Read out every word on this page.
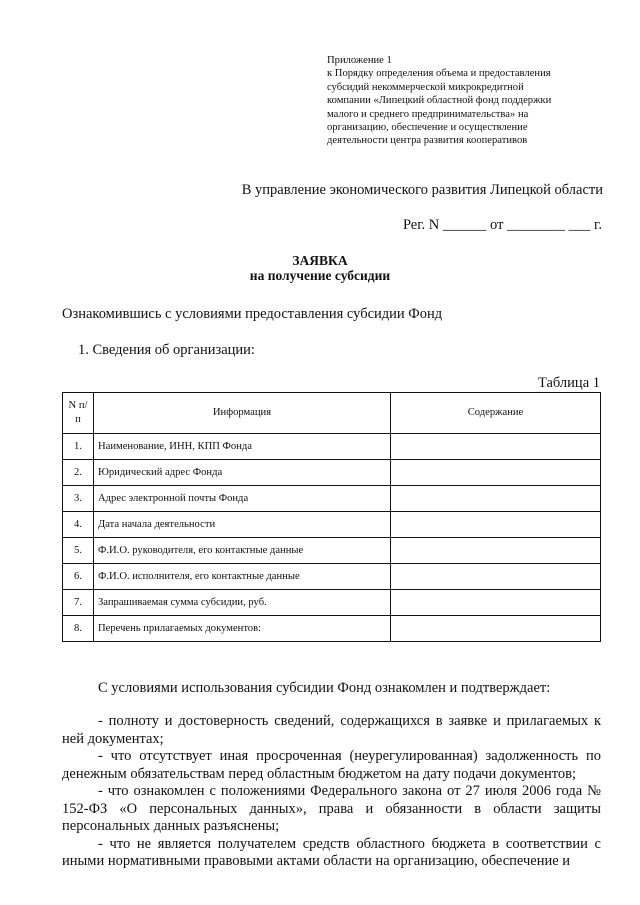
Приложение 1
к Порядку определения объема и предоставления
субсидий некоммерческой микрокредитной
компании «Липецкий областной фонд поддержки
малого и среднего предпринимательства» на
организацию, обеспечение и осуществление
деятельности центра развития кооперативов
В управление экономического развития Липецкой области
Рег. N ______ от ________ ___ г.
ЗАЯВКА
на получение субсидии
Ознакомившись с условиями предоставления субсидии Фонд
1. Сведения об организации:
Таблица 1
N п/п	Информация	Содержание
1.	Наименование, ИНН, КПП Фонда	
2.	Юридический адрес Фонда	
3.	Адрес электронной почты Фонда	
4.	Дата начала деятельности	
5.	Ф.И.О. руководителя, его контактные данные	
6.	Ф.И.О. исполнителя, его контактные данные	
7.	Запрашиваемая сумма субсидии, руб.	
8.	Перечень прилагаемых документов:	
С условиями использования субсидии Фонд ознакомлен и подтверждает:

- полноту и достоверность сведений, содержащихся в заявке и прилагаемых к ней документах;

- что отсутствует иная просроченная (неурегулированная) задолженность по денежным обязательствам перед областным бюджетом на дату подачи документов;

- что ознакомлен с положениями Федерального закона от 27 июля 2006 года № 152-ФЗ «О персональных данных», права и обязанности в области защиты персональных данных разъяснены;

- что не является получателем средств областного бюджета в соответствии с иными нормативными правовыми актами области на организацию, обеспечение и
